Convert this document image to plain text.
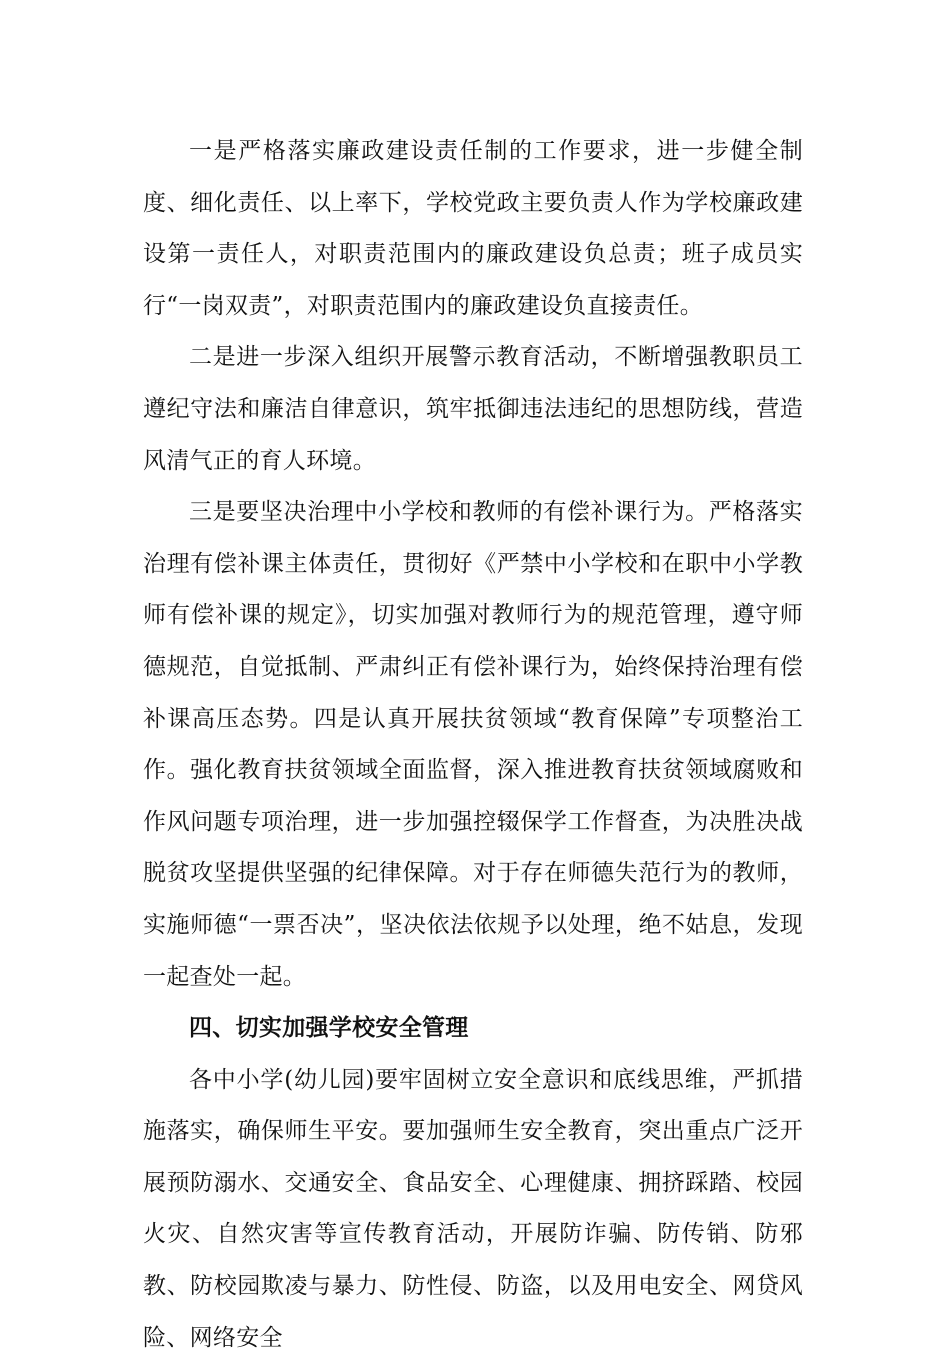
一是严格落实廉政建设责任制的工作要求，进一步健全制度、细化责任、以上率下，学校党政主要负责人作为学校廉政建设第一责任人，对职责范围内的廉政建设负总责；班子成员实行“一岗双责”，对职责范围内的廉政建设负直接责任。

二是进一步深入组织开展警示教育活动，不断增强教职员工遵纪守法和廉洁自律意识，筑牢抵御违法违纪的思想防线，营造风清气正的育人环境。

三是要坚决治理中小学校和教师的有偿补课行为。严格落实治理有偿补课主体责任，贯彻好《严禁中小学校和在职中小学教师有偿补课的规定》，切实加强对教师行为的规范管理，遵守师德规范，自觉抵制、严肃纠正有偿补课行为，始终保持治理有偿补课高压态势。四是认真开展扶贫领域“教育保障”专项整治工作。强化教育扶贫领域全面监督，深入推进教育扶贫领域腐败和作风问题专项治理，进一步加强控辍保学工作督查，为决胜决战脱贫攻坚提供坚强的纪律保障。对于存在师德失范行为的教师，实施师德“一票否决”，坚决依法依规予以处理，绝不姑息，发现一起查处一起。

四、切实加强学校安全管理

各中小学(幼儿园)要牢固树立安全意识和底线思维，严抓措施落实，确保师生平安。要加强师生安全教育，突出重点广泛开展预防溺水、交通安全、食品安全、心理健康、拥挤踩踏、校园火灾、自然灾害等宣传教育活动，开展防诈骗、防传销、防邪教、防校园欺凌与暴力、防性侵、防盗，以及用电安全、网贷风险、网络安全
